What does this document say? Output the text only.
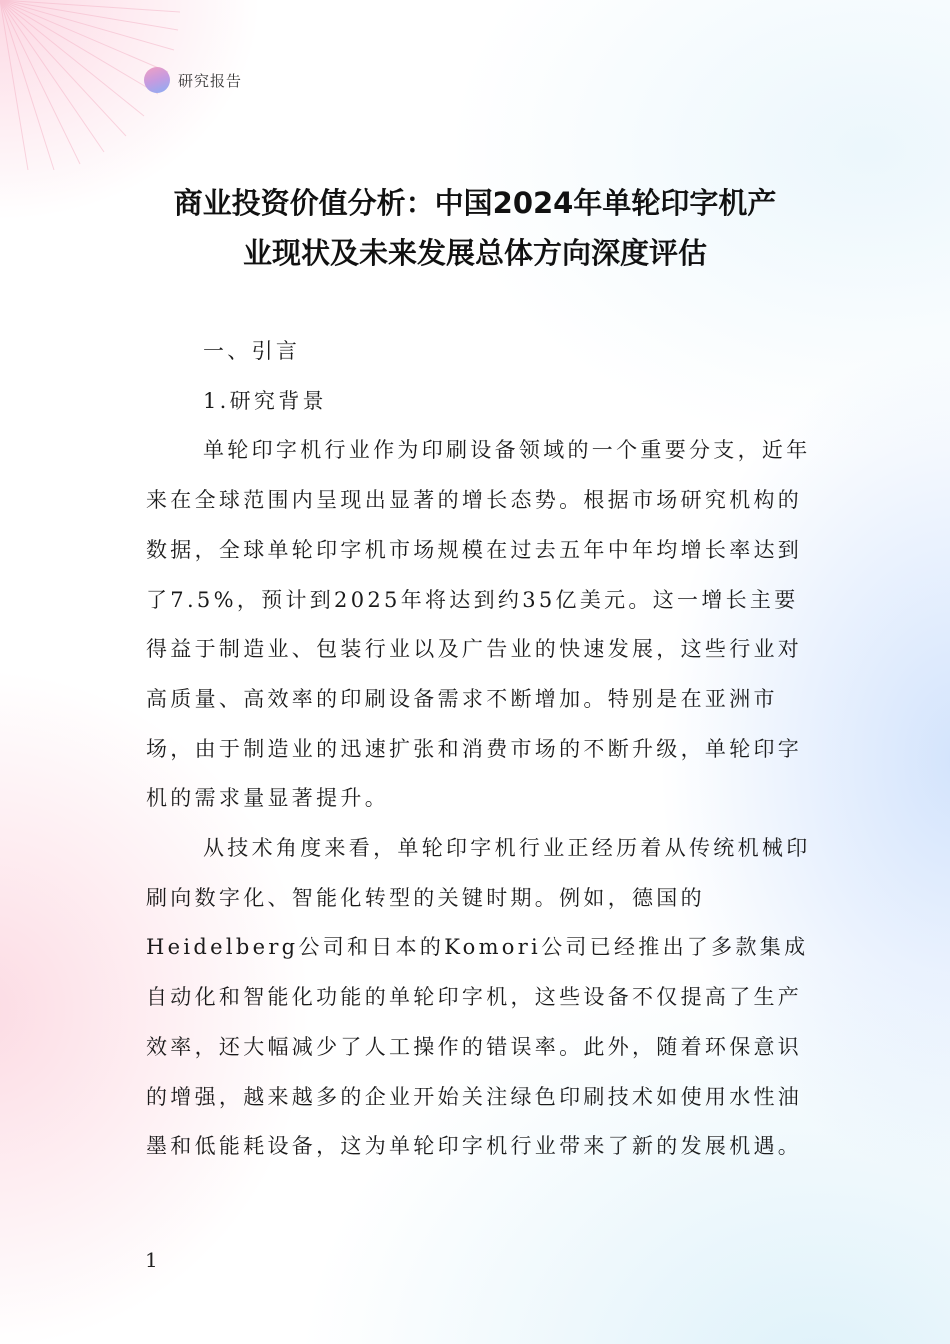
研究报告
商业投资价值分析：中国2024年单轮印字机产
业现状及未来发展总体方向深度评估

一、引言

1.研究背景

单轮印字机行业作为印刷设备领域的一个重要分支，近年来在全球范围内呈现出显著的增长态势。根据市场研究机构的数据，全球单轮印字机市场规模在过去五年中年均增长率达到了7.5%，预计到2025年将达到约35亿美元。这一增长主要得益于制造业、包装行业以及广告业的快速发展，这些行业对高质量、高效率的印刷设备需求不断增加。特别是在亚洲市场，由于制造业的迅速扩张和消费市场的不断升级，单轮印字机的需求量显著提升。

从技术角度来看，单轮印字机行业正经历着从传统机械印刷向数字化、智能化转型的关键时期。例如，德国的Heidelberg公司和日本的Komori公司已经推出了多款集成自动化和智能化功能的单轮印字机，这些设备不仅提高了生产效率，还大幅减少了人工操作的错误率。此外，随着环保意识的增强，越来越多的企业开始关注绿色印刷技术如使用水性油墨和低能耗设备，这为单轮印字机行业带来了新的发展机遇。

1
